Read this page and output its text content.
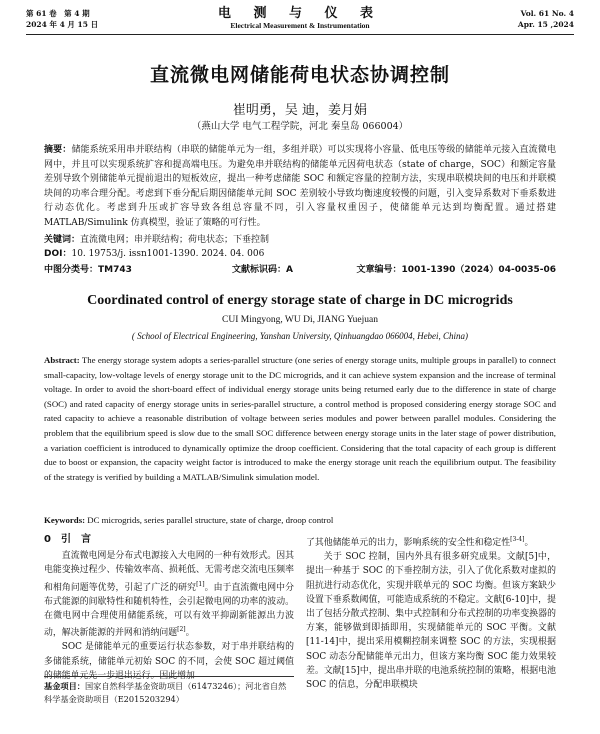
第 61 卷　第 4 期
2024 年 4 月 15 日
电 测 与 仪 表
Electrical Measurement & Instrumentation
Vol. 61 No. 4
Apr. 15 ,2024
直流微电网储能荷电状态协调控制
崔明勇，吴 迪，姜月娟
（燕山大学 电气工程学院，河北 秦皇岛 066004）
摘要：储能系统采用串并联结构（串联的储能单元为一组，多组并联）可以实现将小容量、低电压等级的储能单元接入直流微电网中，并且可以实现系统扩容和提高端电压。为避免串并联结构的储能单元因荷电状态（state of charge，SOC）和额定容量差别导致个别储能单元提前退出的短板效应，提出一种考虑储能 SOC 和额定容量的控制方法，实现串联模块间的电压和并联模块间的功率合理分配。考虑到下垂分配后期因储能单元间 SOC 差别较小导致均衡速度较慢的问题，引入变异系数对下垂系数进行动态优化。考虑到升压或扩容导致各组总容量不同，引入容量权重因子，使储能单元达到均衡配置。通过搭建 MATLAB/Simulink 仿真模型，验证了策略的可行性。
关键词：直流微电网；串并联结构；荷电状态；下垂控制
DOI：10. 19753/j. issn1001-1390. 2024. 04. 006
中图分类号：TM743	文献标识码：A	文章编号：1001-1390（2024）04-0035-06
Coordinated control of energy storage state of charge in DC microgrids
CUI Mingyong, WU Di, JIANG Yuejuan
( School of Electrical Engineering, Yanshan University, Qinhuangdao 066004, Hebei, China)
Abstract: The energy storage system adopts a series-parallel structure (one series of energy storage units, multiple groups in parallel) to connect small-capacity, low-voltage levels of energy storage unit to the DC microgrids, and it can achieve system expansion and the increase of terminal voltage. In order to avoid the short-board effect of individual energy storage units being returned early due to the difference in state of charge (SOC) and rated capacity of energy storage units in series-parallel structure, a control method is proposed considering energy storage SOC and rated capacity to achieve a reasonable distribution of voltage between series modules and power between parallel modules. Considering the problem that the equilibrium speed is slow due to the small SOC difference between energy storage units in the later stage of power distribution, a variation coefficient is introduced to dynamically optimize the droop coefficient. Considering that the total capacity of each group is different due to boost or expansion, the capacity weight factor is introduced to make the energy storage unit reach the equilibrium output. The feasibility of the strategy is verified by building a MATLAB/Simulink simulation model.
Keywords: DC microgrids, series parallel structure, state of charge, droop control
0　引　言

直流微电网是分布式电源接入大电网的一种有效形式。因其电能变换过程少、传输效率高、损耗低、无需考虑交流电压频率和相角问题等优势，引起了广泛的研究[1]。由于直流微电网中分布式能源的间歇特性和随机特性，会引起微电网的功率的波动。在微电网中合理使用储能系统，可以有效平抑副新能源出力波动，解决新能源的并网和消纳问题[2]。

SOC 是储能单元的重要运行状态参数，对于串并联结构的多储能系统，储能单元初始 SOC 的不同，会使 SOC 超过阈值的储能单元先一步退出运行。因此增加

了其他储能单元的出力，影响系统的安全性和稳定性[3-4]。

关于 SOC 控制，国内外具有很多研究成果。文献[5]中，提出一种基于 SOC 的下垂控制方法，引入了优化系数对虚拟的阻抗进行动态优化，实现并联单元的 SOC 均衡。但该方案缺少设置下垂系数阈值，可能造成系统的不稳定。文献[6-10]中，提出了包括分散式控制、集中式控制和分布式控制的功率变换器的方案，能够做到即插即用，实现储能单元的 SOC 平衡。文献[11-14]中，提出采用模糊控制来调整 SOC 的方法，实现根据 SOC 动态分配储能单元出力，但该方案均衡 SOC 能力效果较差。文献[15]中，提出串并联的电池系统控制的策略，根据电池 SOC 的信息，分配串联模块

基金项目：国家自然科学基金资助项目（61473246）；河北省自然科学基金资助项目（E2015203294）
